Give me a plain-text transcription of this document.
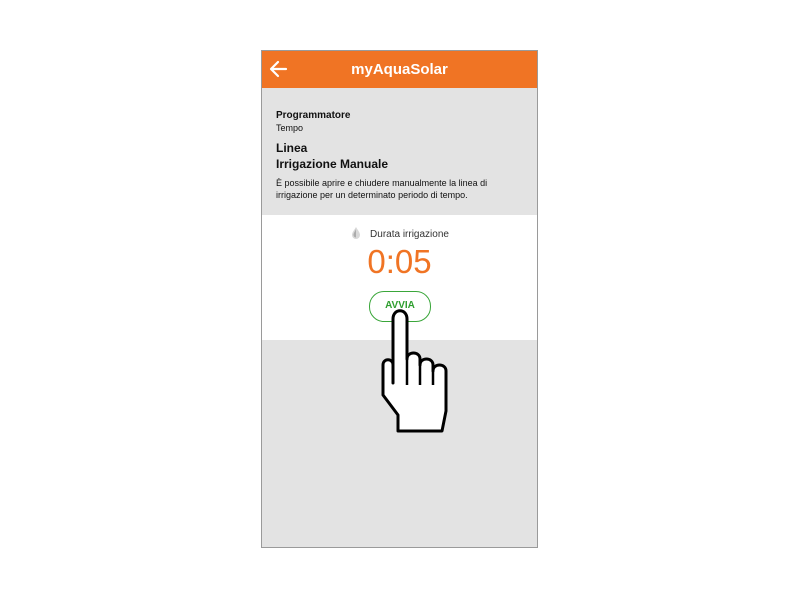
myAquaSolar
Programmatore
Tempo
Linea
Irrigazione Manuale
È possibile aprire e chiudere manualmente la linea di irrigazione per un determinato periodo di tempo.
Durata irrigazione
0:05
AVVIA
